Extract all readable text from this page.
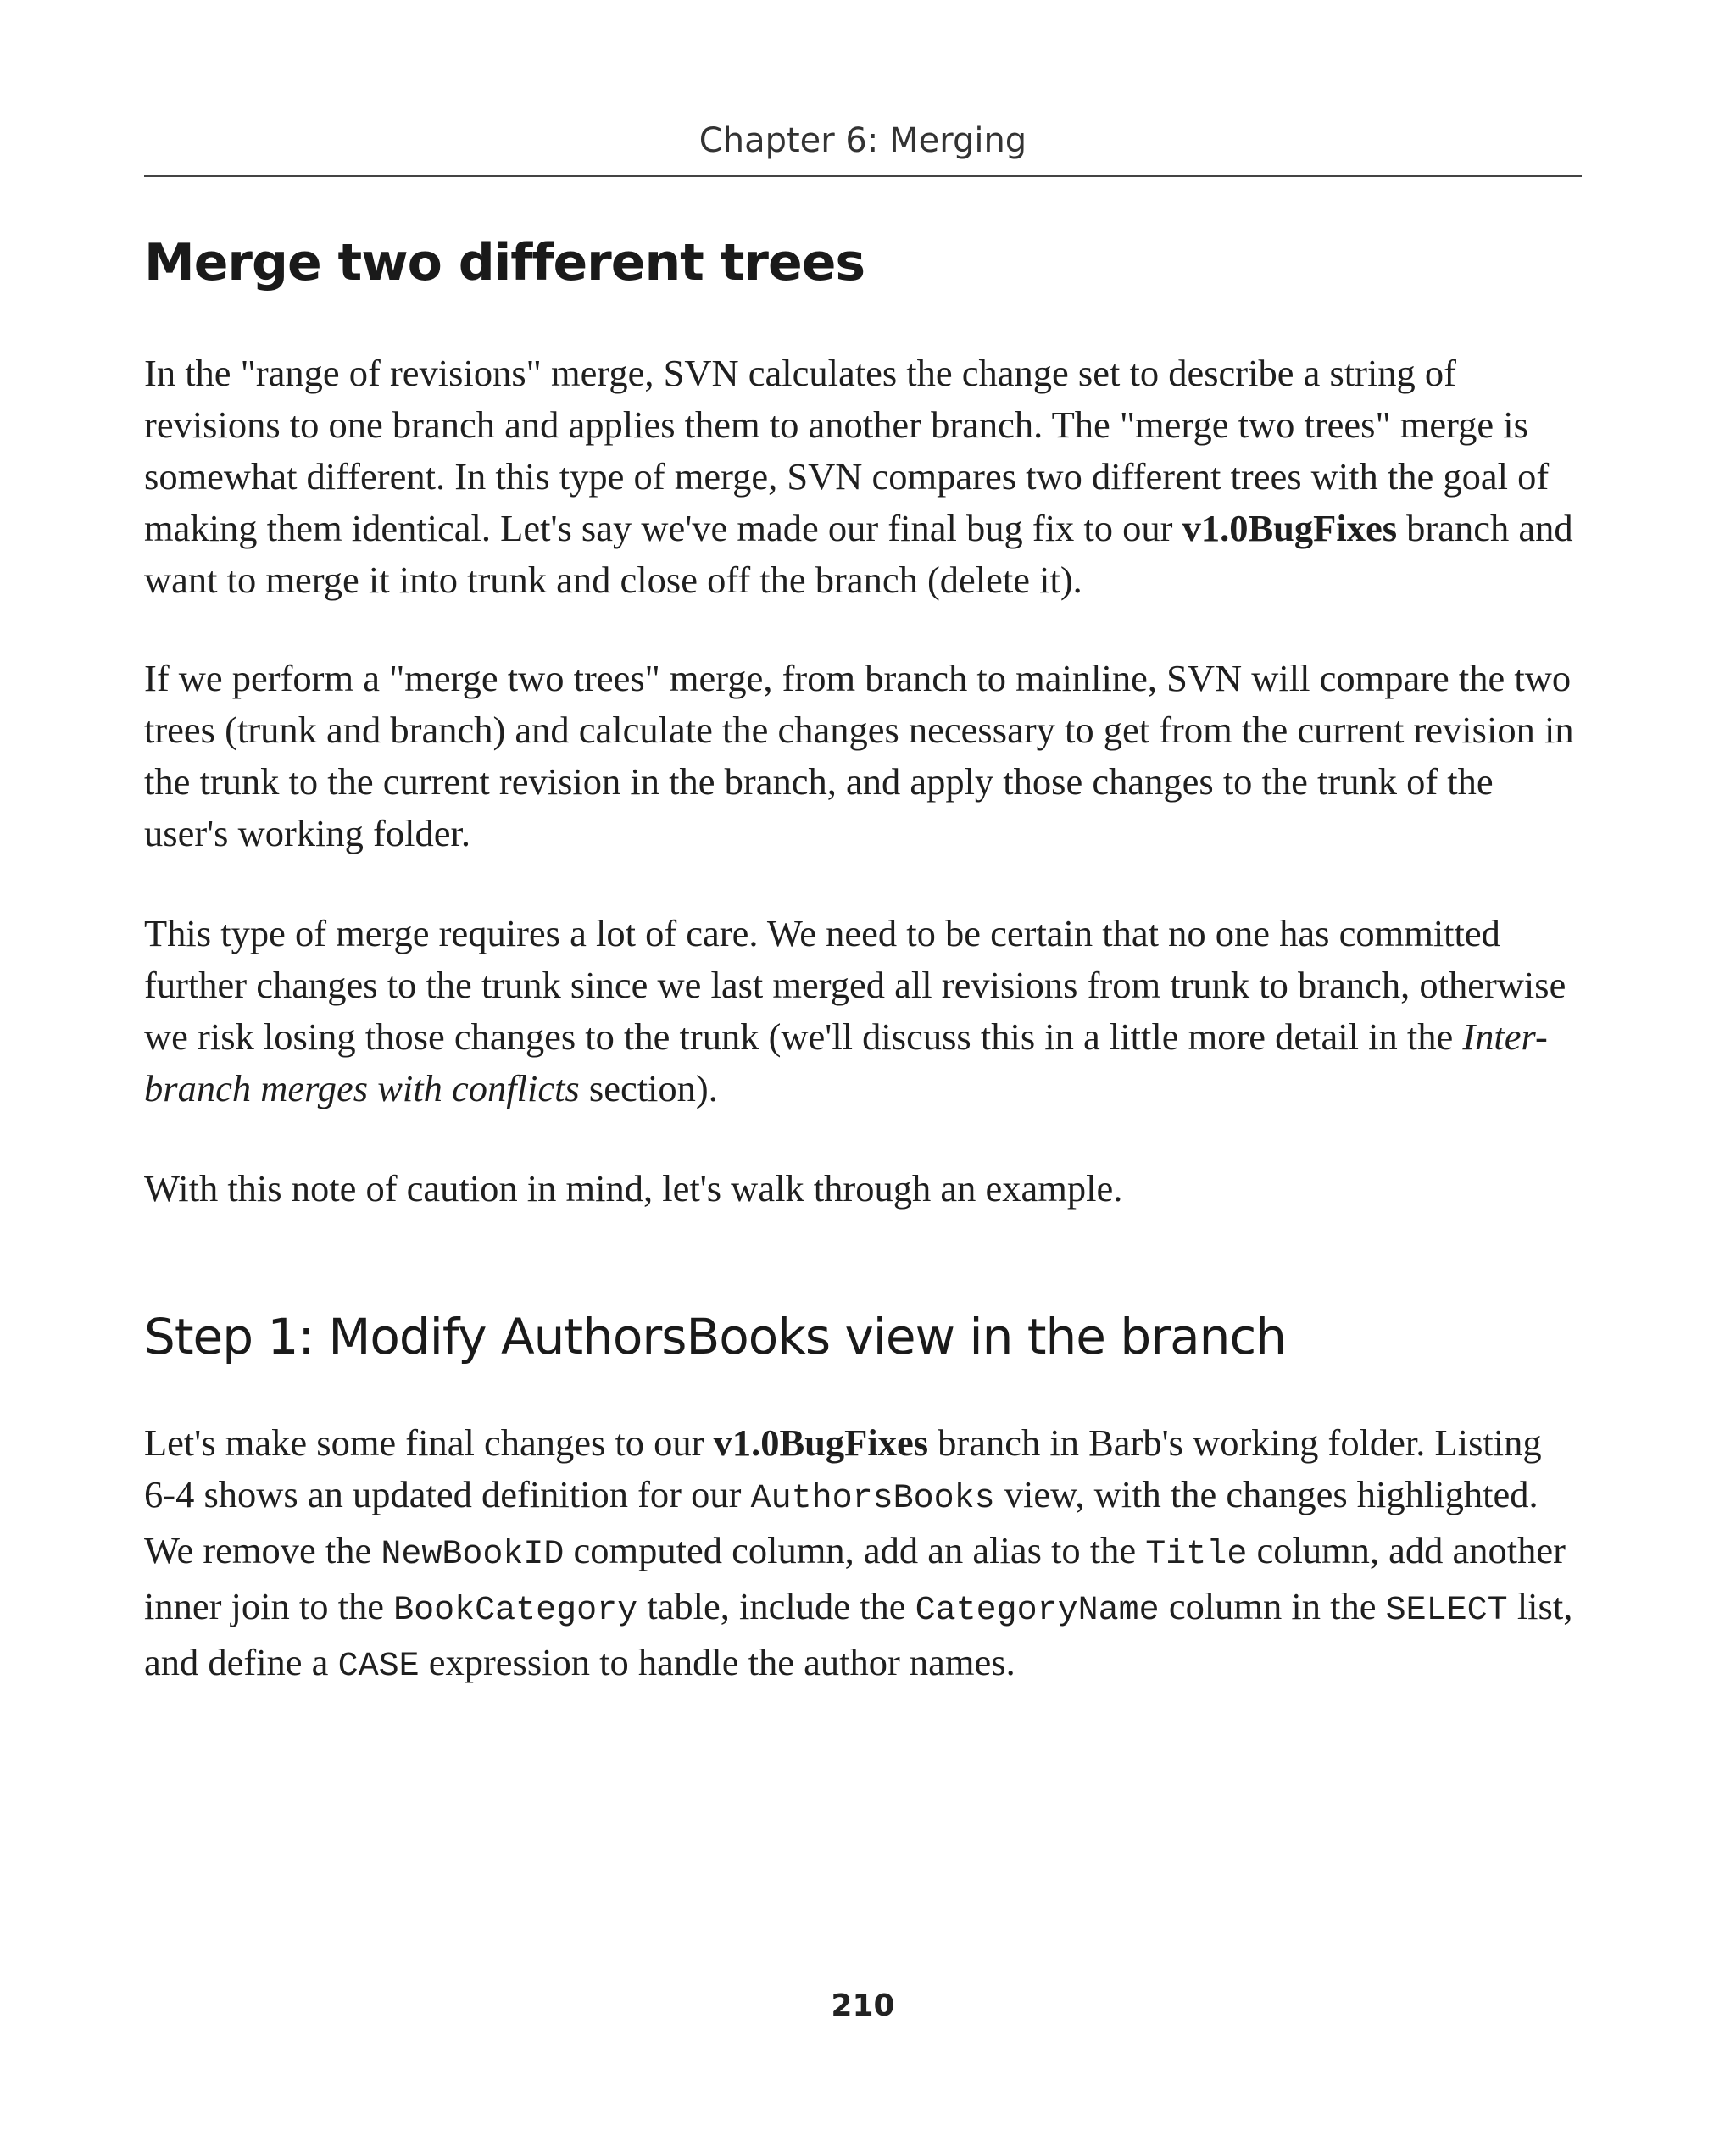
Chapter 6: Merging
Merge two different trees

In the "range of revisions" merge, SVN calculates the change set to describe a string of revisions to one branch and applies them to another branch. The "merge two trees" merge is somewhat different. In this type of merge, SVN compares two different trees with the goal of making them identical. Let's say we've made our final bug fix to our v1.0BugFixes branch and want to merge it into trunk and close off the branch (delete it).

If we perform a "merge two trees" merge, from branch to mainline, SVN will compare the two trees (trunk and branch) and calculate the changes necessary to get from the current revision in the trunk to the current revision in the branch, and apply those changes to the trunk of the user's working folder.

This type of merge requires a lot of care. We need to be certain that no one has committed further changes to the trunk since we last merged all revisions from trunk to branch, otherwise we risk losing those changes to the trunk (we'll discuss this in a little more detail in the Inter-branch merges with conflicts section).

With this note of caution in mind, let's walk through an example.

Step 1: Modify AuthorsBooks view in the branch

Let's make some final changes to our v1.0BugFixes branch in Barb's working folder. Listing 6-4 shows an updated definition for our AuthorsBooks view, with the changes highlighted. We remove the NewBookID computed column, add an alias to the Title column, add another inner join to the BookCategory table, include the CategoryName column in the SELECT list, and define a CASE expression to handle the author names.

210
